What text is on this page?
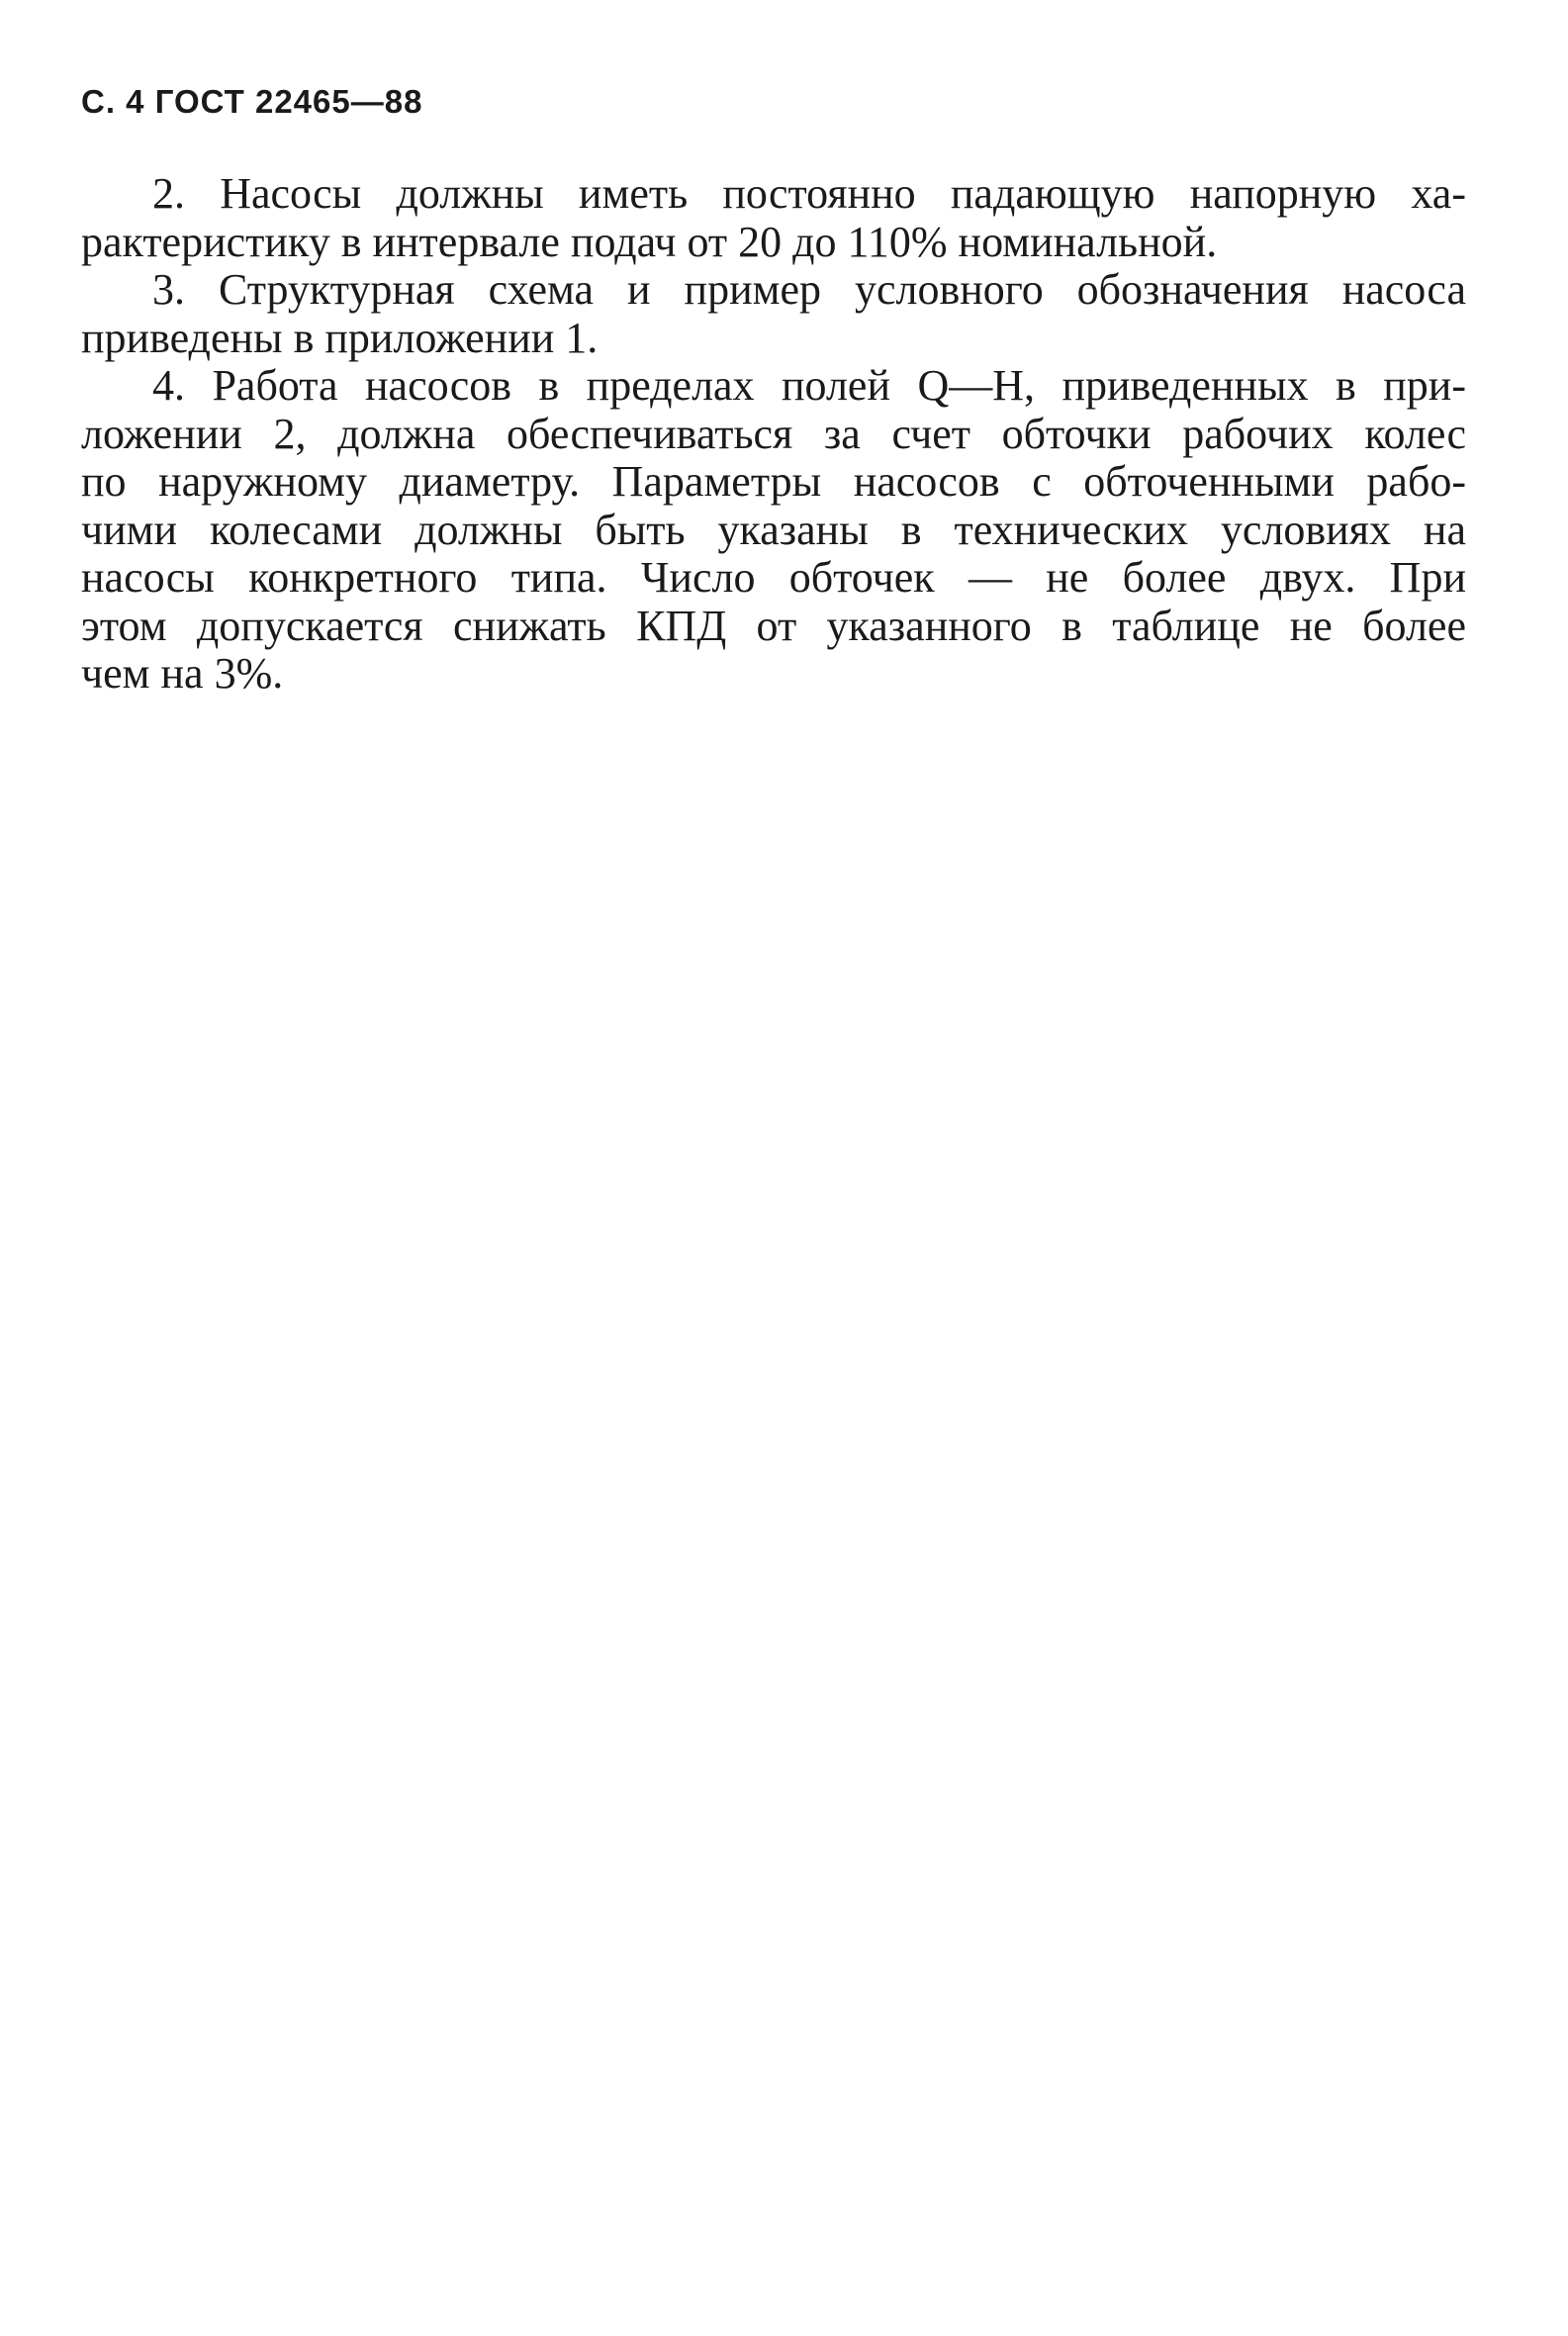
С. 4 ГОСТ 22465—88
2. Насосы должны иметь постоянно падающую напорную ха-
рактеристику в интервале подач от 20 до 110% номинальной.
3. Структурная схема и пример условного обозначения насоса
приведены в приложении 1.
4. Работа насосов в пределах полей Q—H, приведенных в при-
ложении 2, должна обеспечиваться за счет обточки рабочих колес
по наружному диаметру. Параметры насосов с обточенными рабо-
чими колесами должны быть указаны в технических условиях на
насосы конкретного типа. Число обточек — не более двух. При
этом допускается снижать КПД от указанного в таблице не более
чем на 3%.
